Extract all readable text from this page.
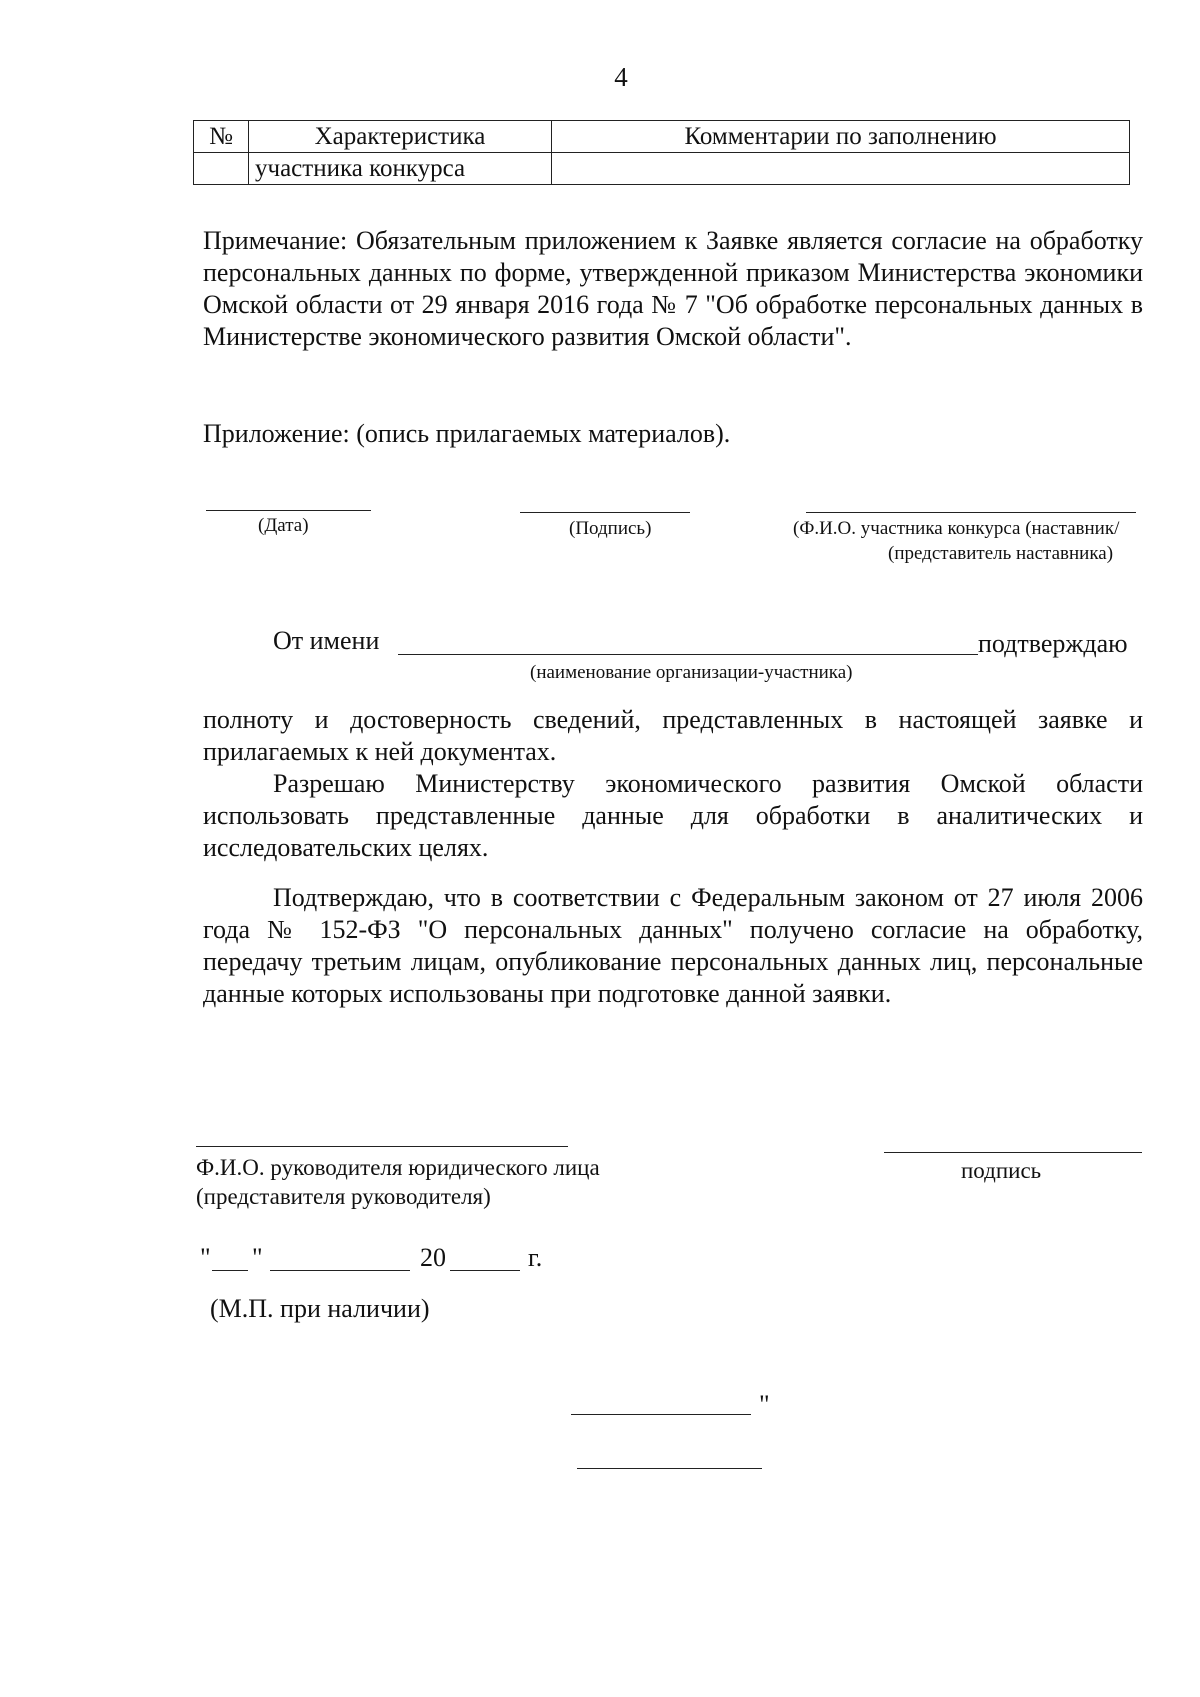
4
№	Характеристика	Комментарии по заполнению
	участника конкурса	
Примечание: Обязательным приложением к Заявке является согласие на обработку персональных данных по форме, утвержденной приказом Министерства экономики Омской области от 29 января 2016 года № 7 "Об обработке персональных данных в Министерстве экономического развития Омской области".
Приложение: (опись прилагаемых материалов).
(Дата)	(Подпись)	(Ф.И.О. участника конкурса (наставник/
(представитель наставника)
От имени	подтверждаю
(наименование организации-участника)
полноту и достоверность сведений, представленных в настоящей заявке и прилагаемых к ней документах.
Разрешаю Министерству экономического развития Омской области использовать представленные данные для обработки в аналитических и исследовательских целях.
Подтверждаю, что в соответствии с Федеральным законом от 27 июля 2006 года № 152-ФЗ "О персональных данных" получено согласие на обработку, передачу третьим лицам, опубликование персональных данных лиц, персональные данные которых использованы при подготовке данной заявки.
Ф.И.О. руководителя юридического лица
(представителя руководителя)
подпись
" "	20	г.
(М.П. при наличии)
"
